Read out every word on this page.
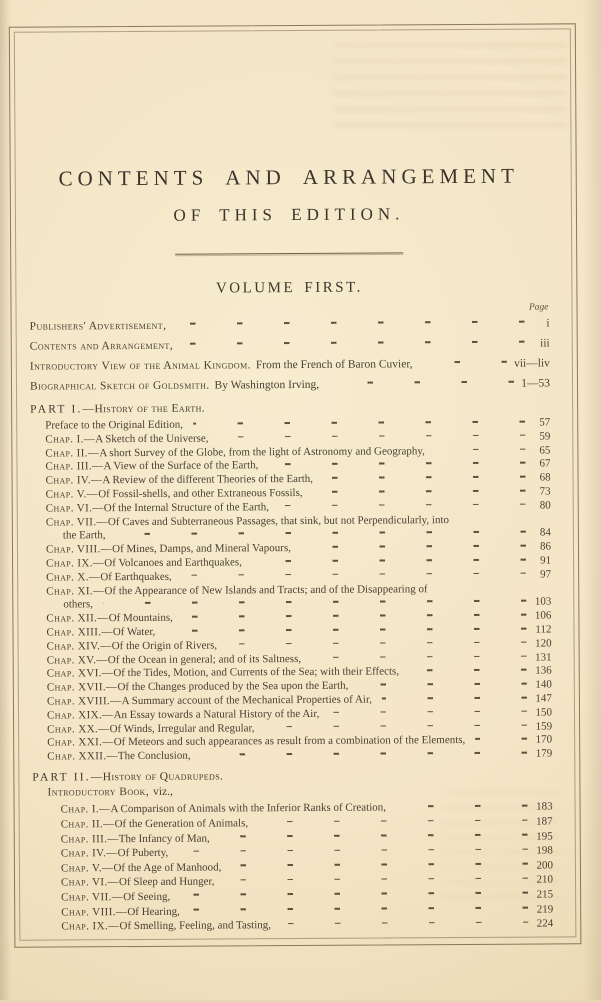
CONTENTS AND ARRANGEMENT
OF THIS EDITION.
VOLUME FIRST.
Page
Publishers' Advertisement,	i
Contents and Arrangement,	iii
Introductory View of the Animal Kingdom. From the French of Baron Cuvier,	vii—liv
Biographical Sketch of Goldsmith. By Washington Irving,	1—53
PART I.—History of the Earth.
Preface to the Original Edition,	57
Chap. I.—A Sketch of the Universe,	59
Chap. II.—A short Survey of the Globe, from the light of Astronomy and Geography,	65
Chap. III.—A View of the Surface of the Earth,	67
Chap. IV.—A Review of the different Theories of the Earth,	68
Chap. V.—Of Fossil-shells, and other Extraneous Fossils,	73
Chap. VI.—Of the Internal Structure of the Earth,	80
Chap. VII.—Of Caves and Subterraneous Passages, that sink, but not Perpendicularly, into
the Earth,	84
Chap. VIII.—Of Mines, Damps, and Mineral Vapours,	86
Chap. IX.—Of Volcanoes and Earthquakes,	91
Chap. X.—Of Earthquakes,	97
Chap. XI.—Of the Appearance of New Islands and Tracts; and of the Disappearing of
others,	103
Chap. XII.—Of Mountains,	106
Chap. XIII.—Of Water,	112
Chap. XIV.—Of the Origin of Rivers,	120
Chap. XV.—Of the Ocean in general; and of its Saltness,	131
Chap. XVI.—Of the Tides, Motion, and Currents of the Sea; with their Effects,	136
Chap. XVII.—Of the Changes produced by the Sea upon the Earth,	140
Chap. XVIII.—A Summary account of the Mechanical Properties of Air,	147
Chap. XIX.—An Essay towards a Natural History of the Air,	150
Chap. XX.—Of Winds, Irregular and Regular,	159
Chap. XXI.—Of Meteors and such appearances as result from a combination of the Elements,	170
Chap. XXII.—The Conclusion,	179
PART II.—History of Quadrupeds.
Introductory Book, viz.,
Chap. I.—A Comparison of Animals with the Inferior Ranks of Creation,	183
Chap. II.—Of the Generation of Animals,	187
Chap. III.—The Infancy of Man,	195
Chap. IV.—Of Puberty,	198
Chap. V.—Of the Age of Manhood,	200
Chap. VI.—Of Sleep and Hunger,	210
Chap. VII.—Of Seeing,	215
Chap. VIII.—Of Hearing,	219
Chap. IX.—Of Smelling, Feeling, and Tasting,	224
